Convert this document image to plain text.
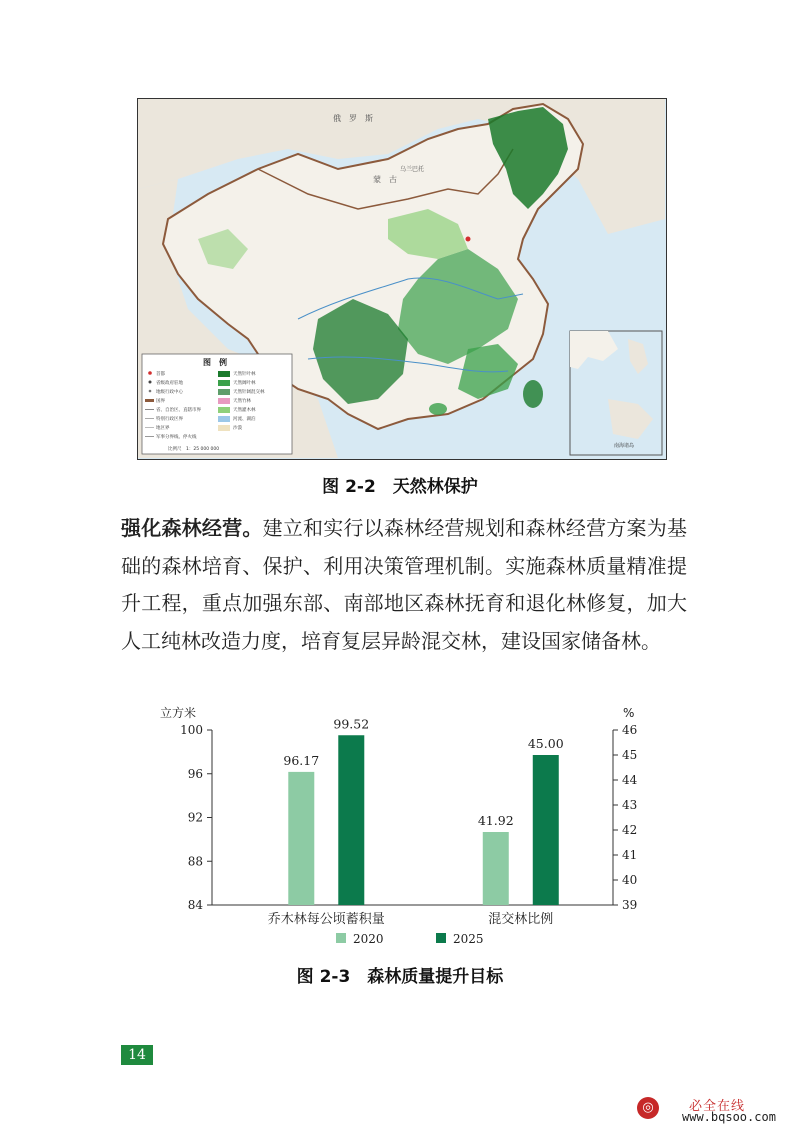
蒙　古
乌兰巴托
俄　罗　斯
图　例
首都
省级政府驻地
地级行政中心
国界
省、自治区、直辖市界
特别行政区界
地区界
军事分界线、停火线
比例尺　1：25 000 000
天然针叶林
天然阔叶林
天然针阔混交林
天然竹林
天然灌木林
河流、湖泊
沙漠
南海诸岛
图 2-2　天然林保护

强化森林经营。建立和实行以森林经营规划和森林经营方案为基础的森林培育、保护、利用决策管理机制。实施森林质量精准提升工程，重点加强东部、南部地区森林抚育和退化林修复，加大人工纯林改造力度，培育复层异龄混交林，建设国家储备林。

立方米	%
84
88
92
96
100
39
40
41
42
43
44
45
46
96.17
99.52
乔木林每公顷蓄积量
41.92
45.00
混交林比例
2020	2025
图 2-3　森林质量提升目标
14
◎	必全在线
www.bqsoo.com
